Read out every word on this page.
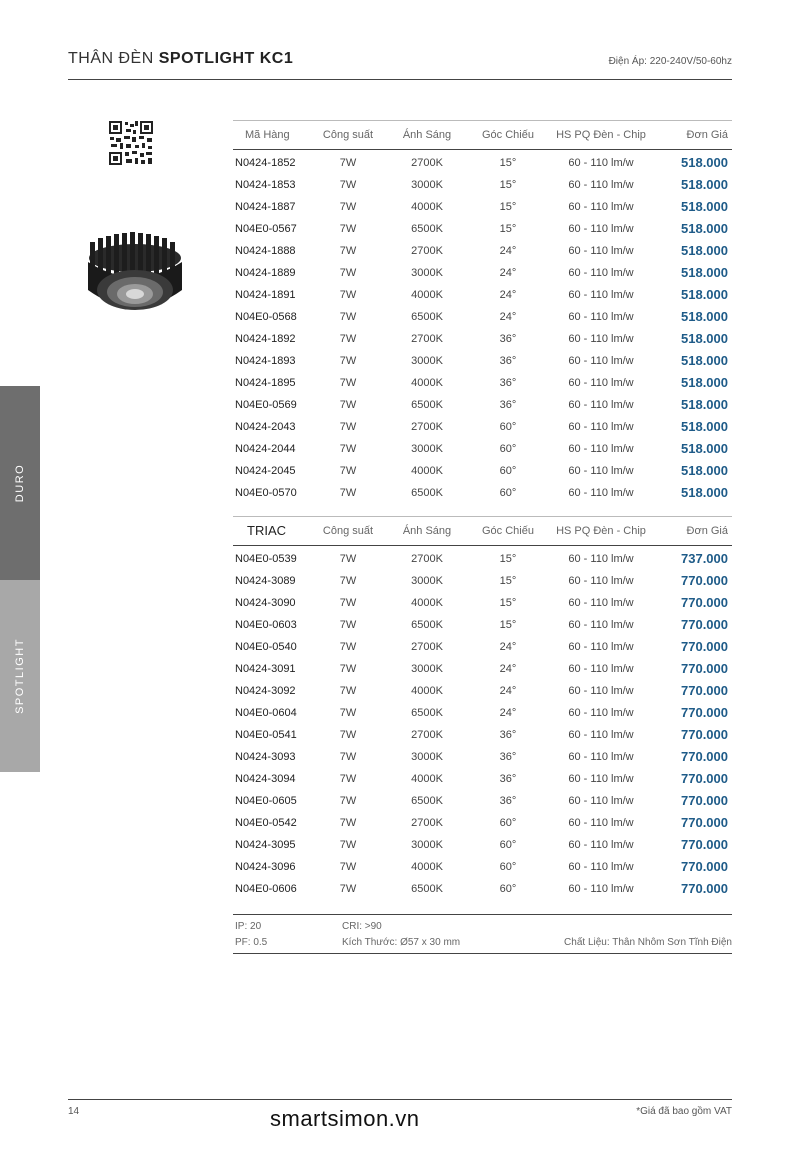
THÂN ĐÈN SPOTLIGHT KC1	Điện Áp: 220-240V/50-60hz
DURO
SPOTLIGHT
Mã Hàng	Công suất	Ánh Sáng	Góc Chiếu	HS PQ Đèn - Chip	Đơn Giá
N0424-1852	7W	2700K	15°	60 - 110 lm/w	518.000
N0424-1853	7W	3000K	15°	60 - 110 lm/w	518.000
N0424-1887	7W	4000K	15°	60 - 110 lm/w	518.000
N04E0-0567	7W	6500K	15°	60 - 110 lm/w	518.000
N0424-1888	7W	2700K	24°	60 - 110 lm/w	518.000
N0424-1889	7W	3000K	24°	60 - 110 lm/w	518.000
N0424-1891	7W	4000K	24°	60 - 110 lm/w	518.000
N04E0-0568	7W	6500K	24°	60 - 110 lm/w	518.000
N0424-1892	7W	2700K	36°	60 - 110 lm/w	518.000
N0424-1893	7W	3000K	36°	60 - 110 lm/w	518.000
N0424-1895	7W	4000K	36°	60 - 110 lm/w	518.000
N04E0-0569	7W	6500K	36°	60 - 110 lm/w	518.000
N0424-2043	7W	2700K	60°	60 - 110 lm/w	518.000
N0424-2044	7W	3000K	60°	60 - 110 lm/w	518.000
N0424-2045	7W	4000K	60°	60 - 110 lm/w	518.000
N04E0-0570	7W	6500K	60°	60 - 110 lm/w	518.000
TRIAC	Công suất	Ánh Sáng	Góc Chiếu	HS PQ Đèn - Chip	Đơn Giá
N04E0-0539	7W	2700K	15°	60 - 110 lm/w	737.000
N0424-3089	7W	3000K	15°	60 - 110 lm/w	770.000
N0424-3090	7W	4000K	15°	60 - 110 lm/w	770.000
N04E0-0603	7W	6500K	15°	60 - 110 lm/w	770.000
N04E0-0540	7W	2700K	24°	60 - 110 lm/w	770.000
N0424-3091	7W	3000K	24°	60 - 110 lm/w	770.000
N0424-3092	7W	4000K	24°	60 - 110 lm/w	770.000
N04E0-0604	7W	6500K	24°	60 - 110 lm/w	770.000
N04E0-0541	7W	2700K	36°	60 - 110 lm/w	770.000
N0424-3093	7W	3000K	36°	60 - 110 lm/w	770.000
N0424-3094	7W	4000K	36°	60 - 110 lm/w	770.000
N04E0-0605	7W	6500K	36°	60 - 110 lm/w	770.000
N04E0-0542	7W	2700K	60°	60 - 110 lm/w	770.000
N0424-3095	7W	3000K	60°	60 - 110 lm/w	770.000
N0424-3096	7W	4000K	60°	60 - 110 lm/w	770.000
N04E0-0606	7W	6500K	60°	60 - 110 lm/w	770.000
IP: 20
PF: 0.5
CRI: >90
Kích Thước: Ø57 x 30 mm	Chất Liệu: Thân Nhôm Sơn Tĩnh Điện
14	smartsimon.vn	*Giá đã bao gồm VAT
